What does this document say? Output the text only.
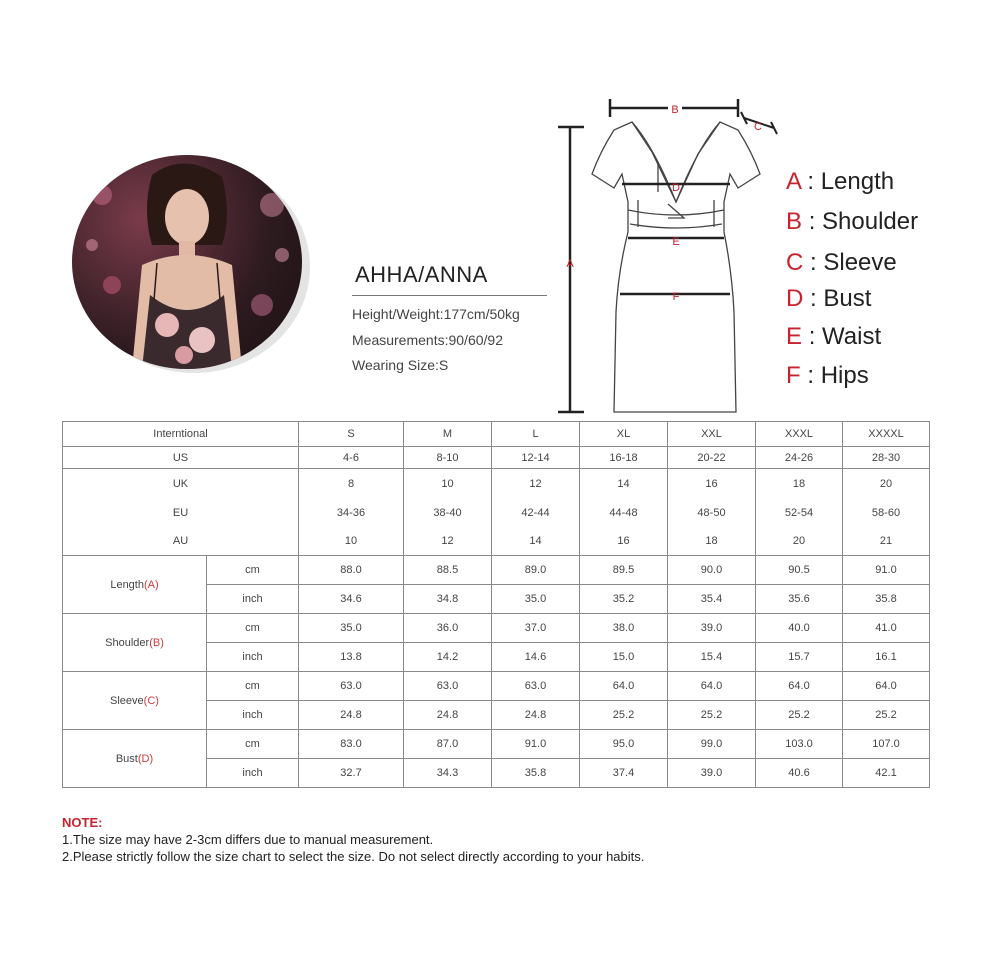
AHHA/ANNA
Height/Weight:177cm/50kg
Measurements:90/60/92
Wearing Size:S
A
B
C
D
E
F
A : Length
B : Shoulder
C : Sleeve
D : Bust
E : Waist
F : Hips
Interntional		S	M	L	XL	XXL	XXXL	XXXXL
US		4-6	8-10	12-14	16-18	20-22	24-26	28-30
UK		8	10	12	14	16	18	20
EU		34-36	38-40	42-44	44-48	48-50	52-54	58-60
AU		10	12	14	16	18	20	21
Length(A)	cm	88.0	88.5	89.0	89.5	90.0	90.5	91.0
	inch	34.6	34.8	35.0	35.2	35.4	35.6	35.8
Shoulder(B)	cm	35.0	36.0	37.0	38.0	39.0	40.0	41.0
	inch	13.8	14.2	14.6	15.0	15.4	15.7	16.1
Sleeve(C)	cm	63.0	63.0	63.0	64.0	64.0	64.0	64.0
	inch	24.8	24.8	24.8	25.2	25.2	25.2	25.2
Bust(D)	cm	83.0	87.0	91.0	95.0	99.0	103.0	107.0
	inch	32.7	34.3	35.8	37.4	39.0	40.6	42.1
NOTE:
1.The size may have 2-3cm differs due to manual measurement.
2.Please strictly follow the size chart to select the size. Do not select directly according to your habits.
